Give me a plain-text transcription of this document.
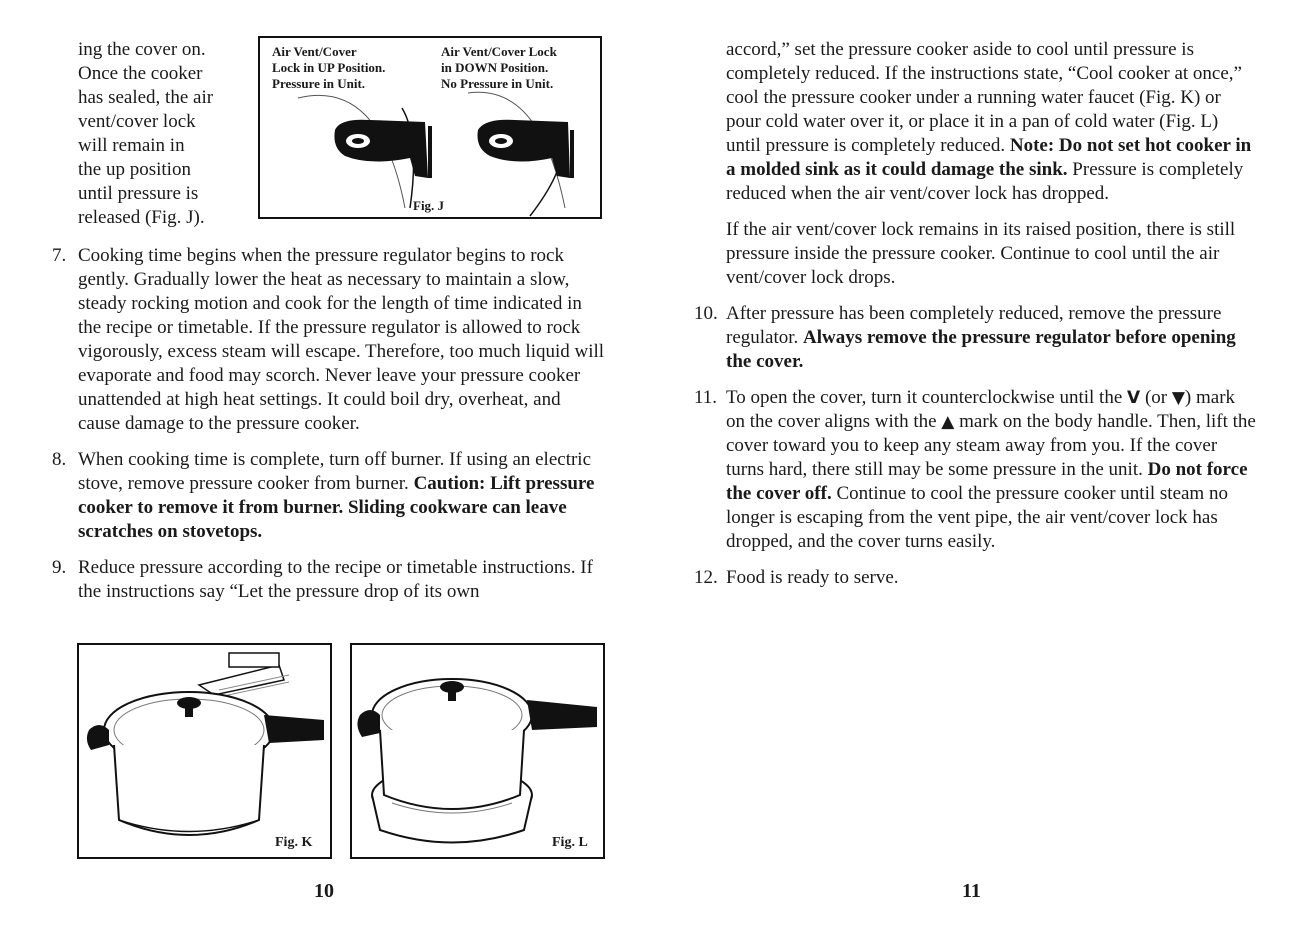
ing the cover on.
Once the cooker
has sealed, the air
vent/cover lock
will remain in
the up position
until pressure is
released (Fig. J).
7. Cooking time begins when the pressure regulator begins to rock gently. Gradually lower the heat as necessary to maintain a slow, steady rocking motion and cook for the length of time indicated in the recipe or timetable. If the pressure regulator is allowed to rock vigorously, excess steam will escape. Therefore, too much liquid will evaporate and food may scorch. Never leave your pressure cooker unattended at high heat settings. It could boil dry, overheat, and cause damage to the pressure cooker.
8. When cooking time is complete, turn off burner. If using an electric stove, remove pressure cooker from burner. Caution: Lift pressure cooker to remove it from burner. Sliding cookware can leave scratches on stovetops.
9. Reduce pressure according to the recipe or timetable instructions. If the instructions say “Let the pressure drop of its own
Air Vent/Cover
Lock in UP Position.
Pressure in Unit.
Air Vent/Cover Lock
in DOWN Position.
No Pressure in Unit.
Fig. J
Fig. K	Fig. L
10
accord,” set the pressure cooker aside to cool until pressure is completely reduced. If the instructions state, “Cool cooker at once,” cool the pressure cooker under a running water faucet (Fig. K) or pour cold water over it, or place it in a pan of cold water (Fig. L) until pressure is completely reduced. Note: Do not set hot cooker in a molded sink as it could damage the sink. Pressure is completely reduced when the air vent/cover lock has dropped.
If the air vent/cover lock remains in its raised position, there is still pressure inside the pressure cooker. Continue to cool until the air vent/cover lock drops.
10. After pressure has been completely reduced, remove the pressure regulator. Always remove the pressure regulator before opening the cover.
11. To open the cover, turn it counterclockwise until the V (or ▼) mark on the cover aligns with the ▲ mark on the body handle. Then, lift the cover toward you to keep any steam away from you. If the cover turns hard, there still may be some pressure in the unit. Do not force the cover off. Continue to cool the pressure cooker until steam no longer is escaping from the vent pipe, the air vent/cover lock has dropped, and the cover turns easily.
12. Food is ready to serve.
11
